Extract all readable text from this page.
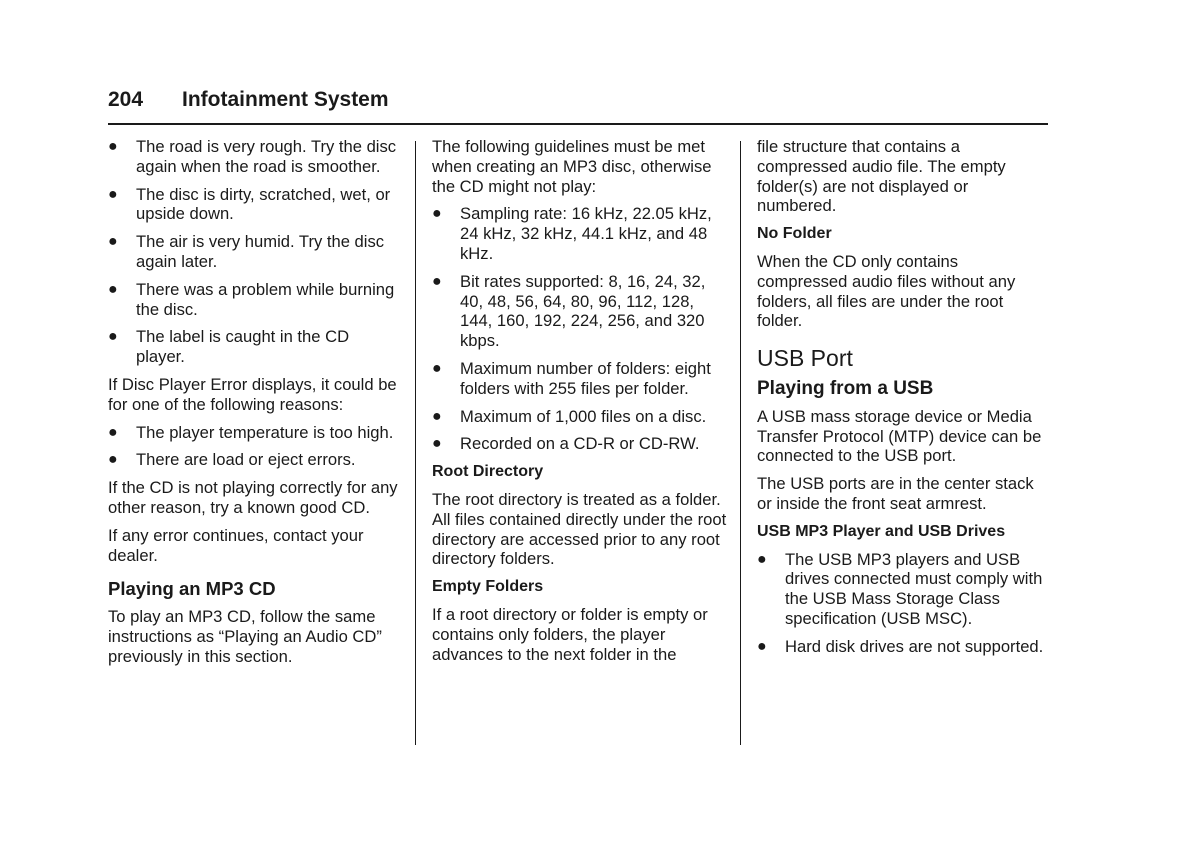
204	Infotainment System
● The road is very rough. Try the disc again when the road is smoother.
● The disc is dirty, scratched, wet, or upside down.
● The air is very humid. Try the disc again later.
● There was a problem while burning the disc.
● The label is caught in the CD player.

If Disc Player Error displays, it could be for one of the following reasons:

● The player temperature is too high.
● There are load or eject errors.

If the CD is not playing correctly for any other reason, try a known good CD.

If any error continues, contact your dealer.

Playing an MP3 CD

To play an MP3 CD, follow the same instructions as “Playing an Audio CD” previously in this section.

The following guidelines must be met when creating an MP3 disc, otherwise the CD might not play:

● Sampling rate: 16 kHz, 22.05 kHz, 24 kHz, 32 kHz, 44.1 kHz, and 48 kHz.
● Bit rates supported: 8, 16, 24, 32, 40, 48, 56, 64, 80, 96, 112, 128, 144, 160, 192, 224, 256, and 320 kbps.
● Maximum number of folders: eight folders with 255 files per folder.
● Maximum of 1,000 files on a disc.
● Recorded on a CD-R or CD-RW.
Root Directory

The root directory is treated as a folder. All files contained directly under the root directory are accessed prior to any root directory folders.

Empty Folders

If a root directory or folder is empty or contains only folders, the player advances to the next folder in the

file structure that contains a compressed audio file. The empty folder(s) are not displayed or numbered.

No Folder

When the CD only contains compressed audio files without any folders, all files are under the root folder.

USB Port
Playing from a USB

A USB mass storage device or Media Transfer Protocol (MTP) device can be connected to the USB port.

The USB ports are in the center stack or inside the front seat armrest.

USB MP3 Player and USB Drives
● The USB MP3 players and USB drives connected must comply with the USB Mass Storage Class specification (USB MSC).
● Hard disk drives are not supported.
